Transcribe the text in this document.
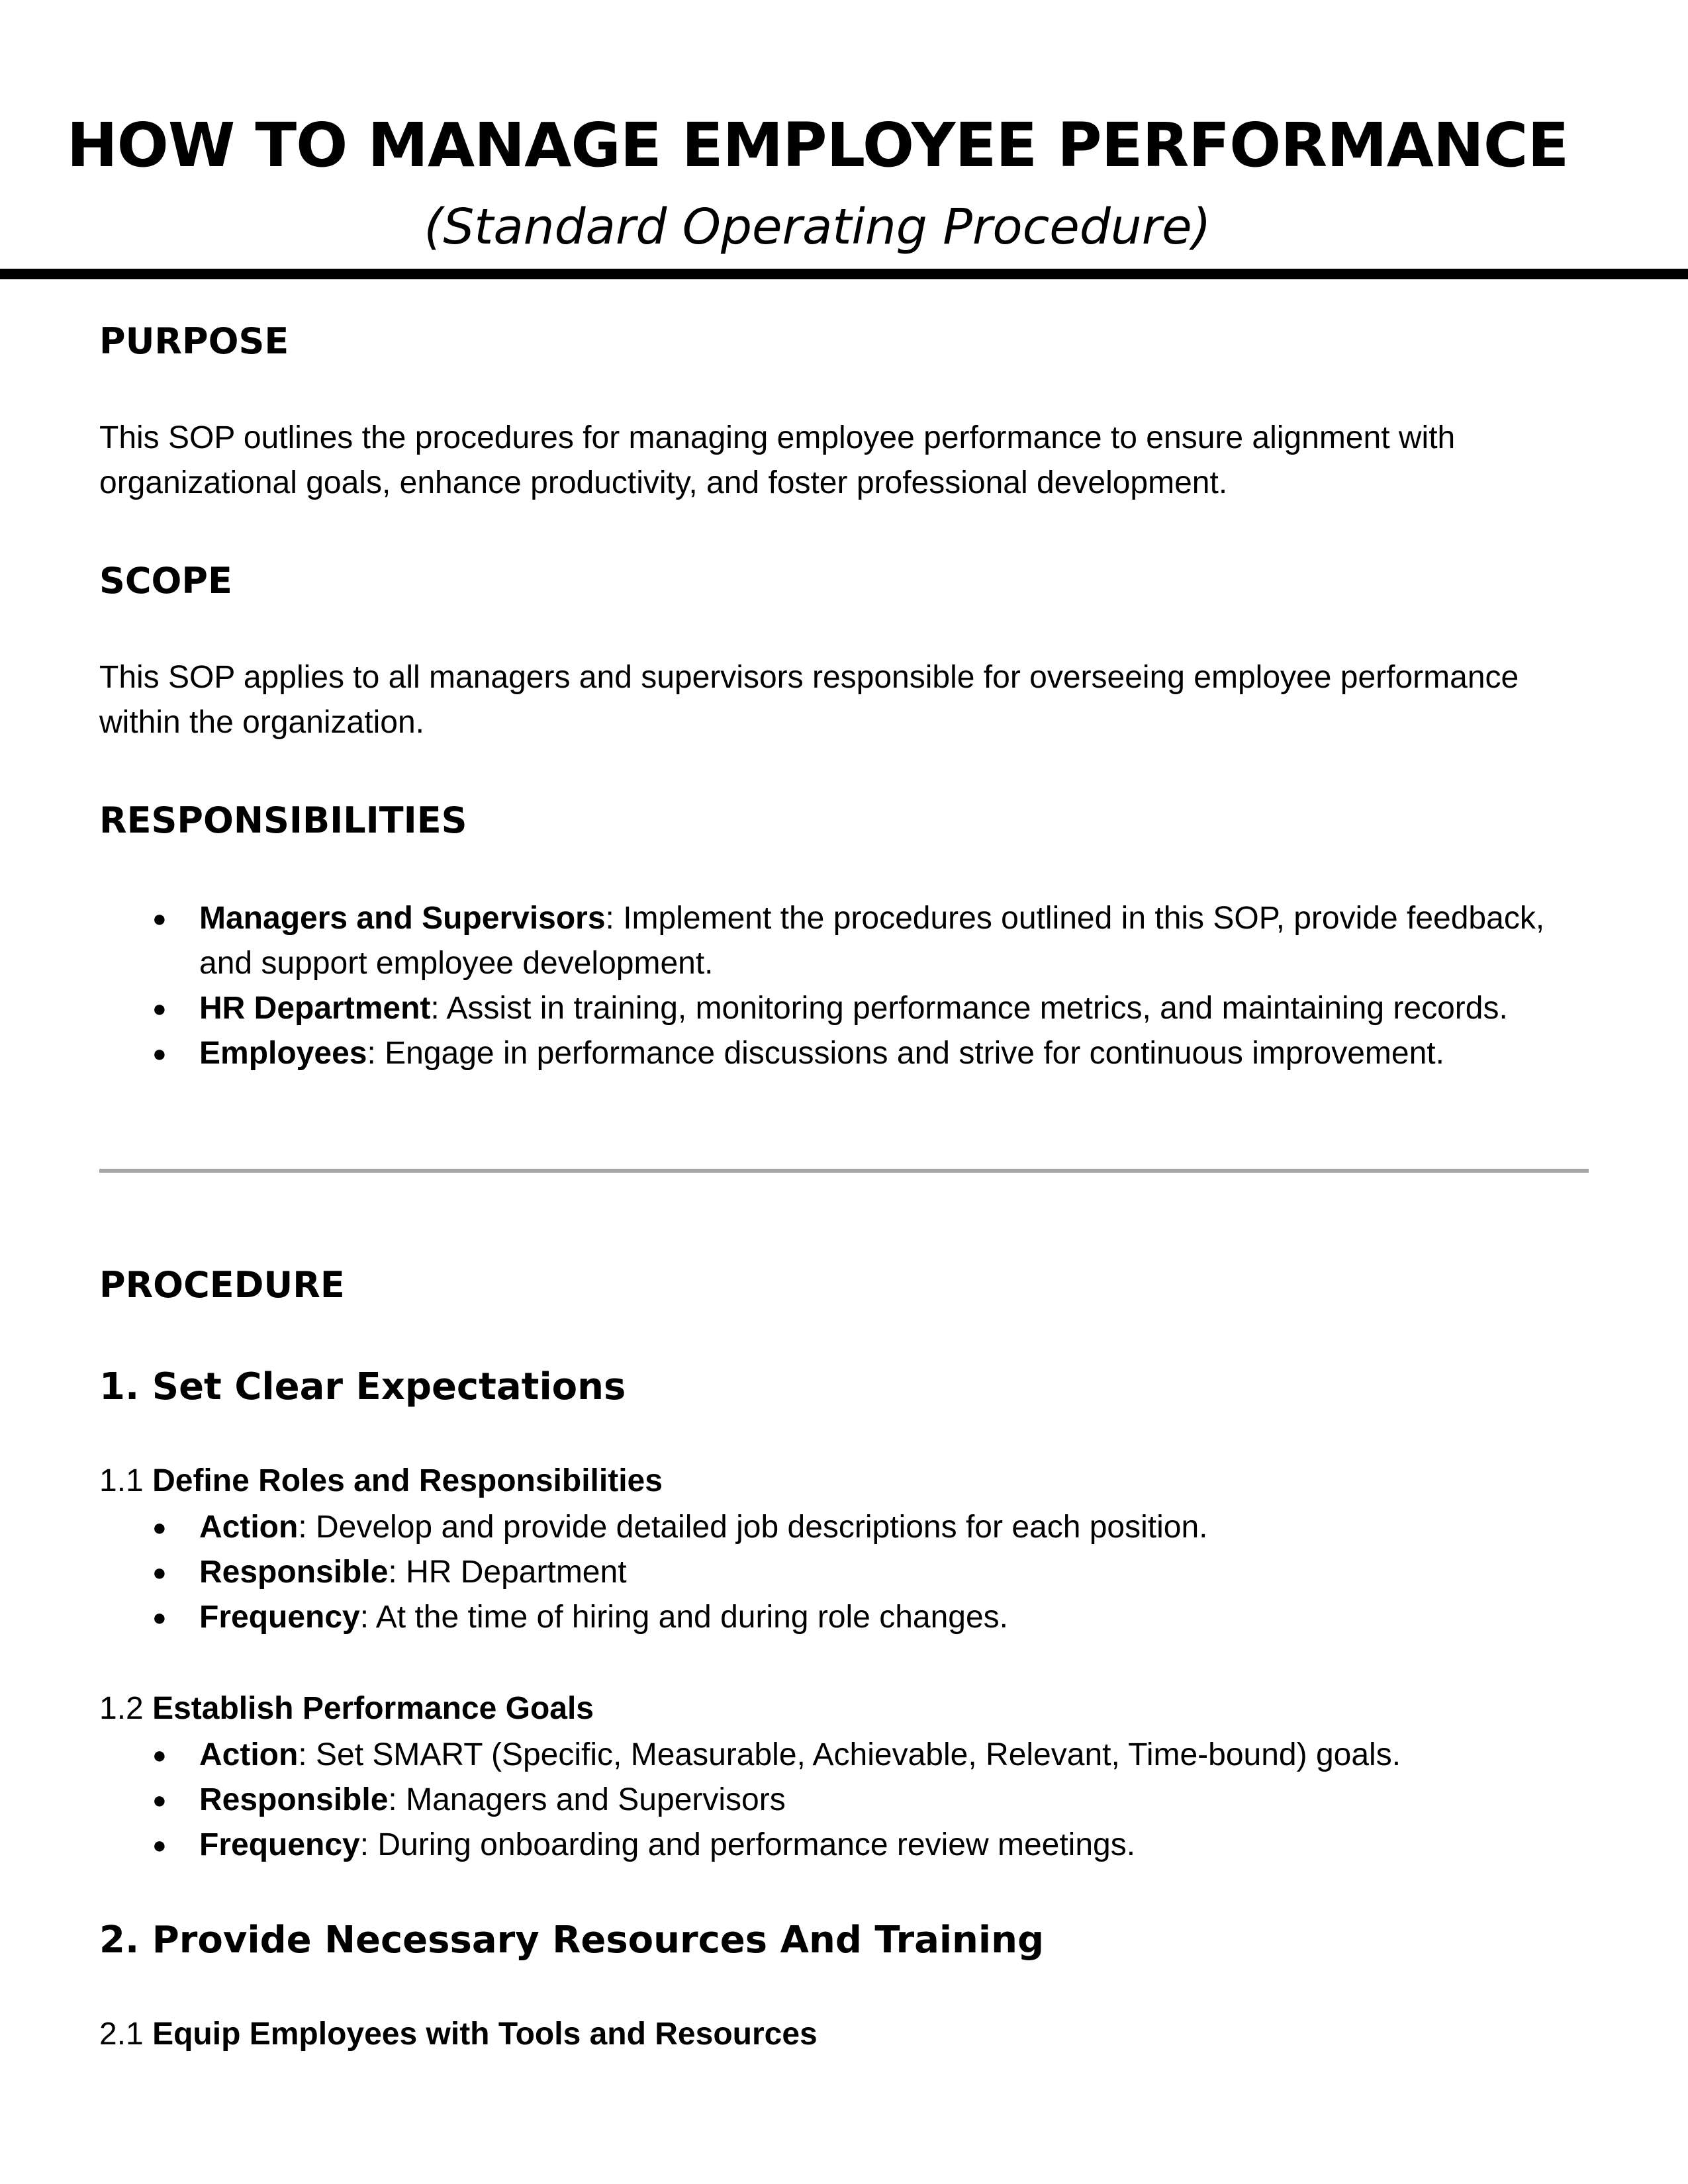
HOW TO MANAGE EMPLOYEE PERFORMANCE
(Standard Operating Procedure)
PURPOSE

This SOP outlines the procedures for managing employee performance to ensure alignment with organizational goals, enhance productivity, and foster professional development.

SCOPE

This SOP applies to all managers and supervisors responsible for overseeing employee performance within the organization.

RESPONSIBILITIES
● Managers and Supervisors: Implement the procedures outlined in this SOP, provide feedback, and support employee development.
● HR Department: Assist in training, monitoring performance metrics, and maintaining records.
● Employees: Engage in performance discussions and strive for continuous improvement.
PROCEDURE
1. Set Clear Expectations
1.1 Define Roles and Responsibilities
● Action: Develop and provide detailed job descriptions for each position.
● Responsible: HR Department
● Frequency: At the time of hiring and during role changes.
1.2 Establish Performance Goals
● Action: Set SMART (Specific, Measurable, Achievable, Relevant, Time-bound) goals.
● Responsible: Managers and Supervisors
● Frequency: During onboarding and performance review meetings.
2. Provide Necessary Resources And Training
2.1 Equip Employees with Tools and Resources
